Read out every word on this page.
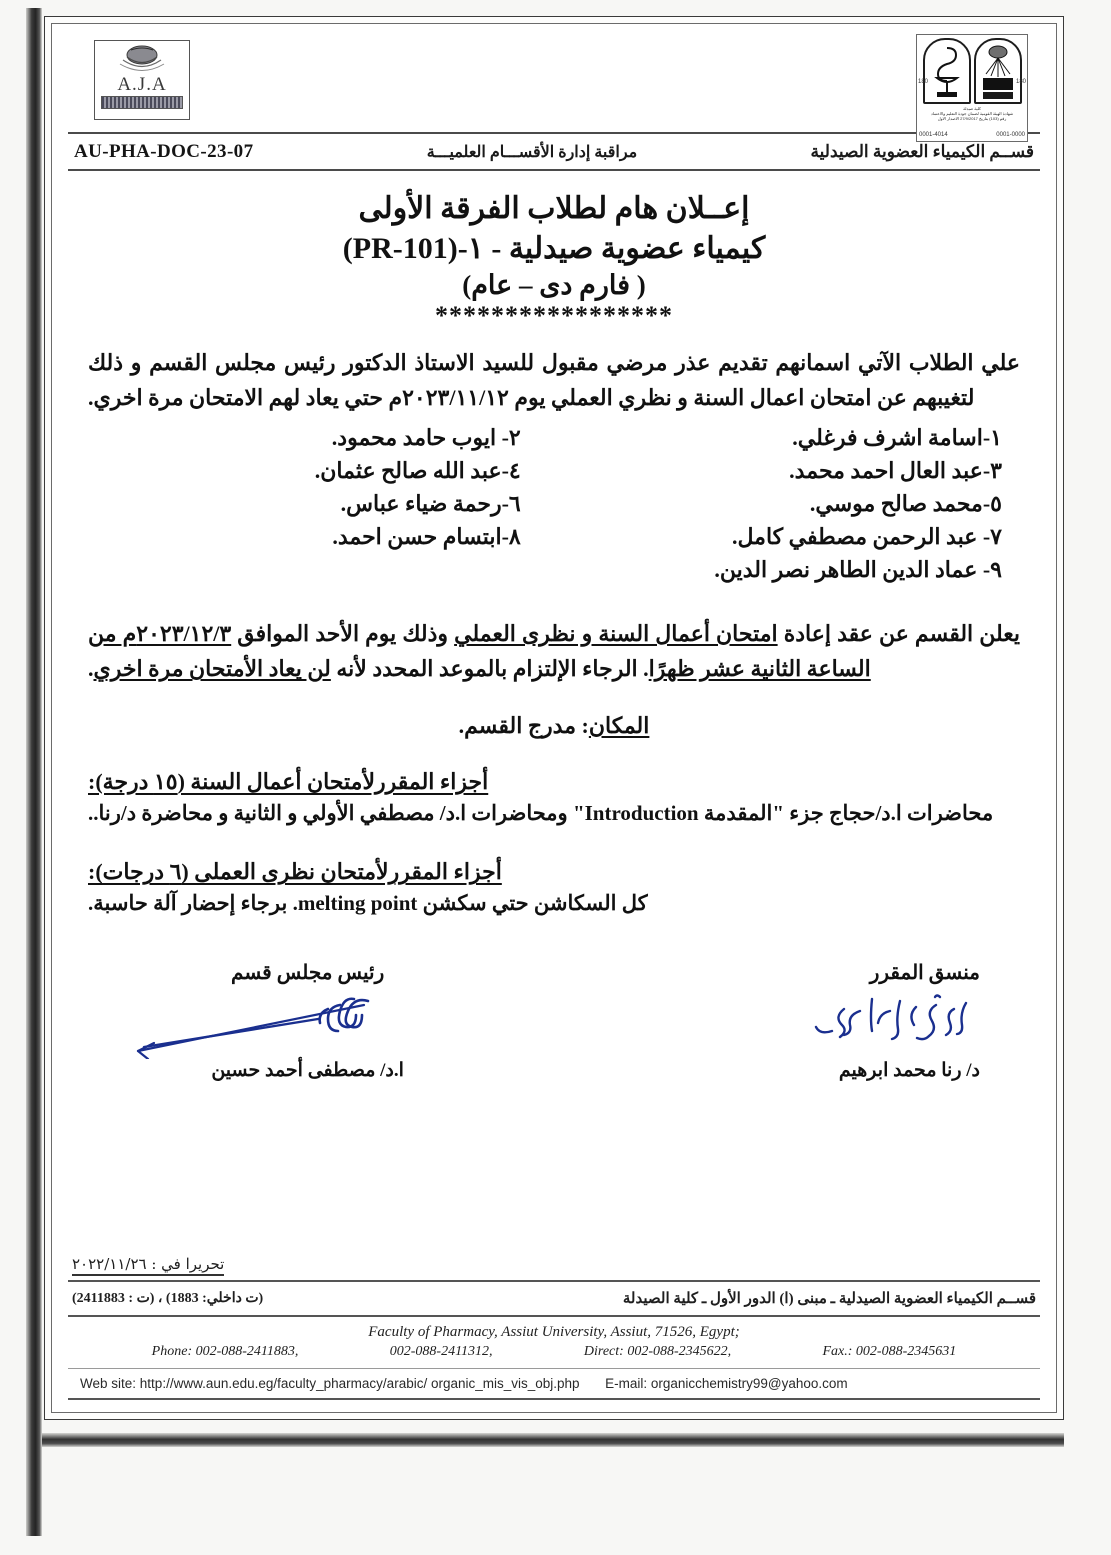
A.J.A	180	180
كلية صيدلة
شهادة الهيئة القومية لضمان جودة التعليم والاعتماد
رقم (103) بتاريخ 27/9/2017 الاصدار الاول
0001-4014	0001-0000
قســم الكيمياء العضوية الصيدلية
مراقبة إدارة الأقســـام العلميـــة
AU-PHA-DOC-23-07
إعــلان هام لطلاب الفرقة الأولى
كيمياء عضوية صيدلية - ١-(PR-101)
( فارم دى – عام)
*****************
علي الطلاب الآتي اسمانهم تقديم عذر مرضي مقبول للسيد الاستاذ الدكتور رئيس مجلس القسم و ذلك لتغيبهم عن امتحان اعمال السنة و نظري العملي يوم ٢٠٢٣/١١/١٢م حتي يعاد لهم الامتحان مرة اخري.
١-اسامة اشرف فرغلي.
٢- ايوب حامد محمود.
٣-عبد العال احمد محمد.
٤-عبد الله صالح عثمان.
٥-محمد صالح موسي.
٦-رحمة ضياء عباس.
٧- عبد الرحمن مصطفي كامل.
٨-ابتسام حسن احمد.
٩- عماد الدين الطاهر نصر الدين.
يعلن القسم عن عقد إعادة امتحان أعمال السنة و نظرى العملي وذلك يوم الأحد الموافق ٢٠٢٣/١٢/٣م من الساعة الثانية عشر ظهرًا. الرجاء الإلتزام بالموعد المحدد لأنه لن يعاد الأمتحان مرة اخري.
المكان: مدرج القسم.
أجزاء المقررلأمتحان أعمال السنة (١٥ درجة):
محاضرات ا.د/حجاج جزء "المقدمة Introduction" ومحاضرات ا.د/ مصطفي الأولي و الثانية و محاضرة د/رنا..
أجزاء المقررلأمتحان نظرى العملى (٦ درجات):
كل السكاشن حتي سكشن melting point. برجاء إحضار آلة حاسبة.
منسق المقرر
د/ رنا محمد ابرهيم
رئيس مجلس قسم
ا.د/ مصطفى أحمد حسين
تحريرا في : ٢٠٢٢/١١/٢٦
قســم الكيمياء العضوية الصيدلية ـ مبنى (ا) الدور الأول ـ كلية الصيدلة
(ت داخلي: 1883) ، (ت : 2411883)
Faculty of Pharmacy, Assiut University, Assiut, 71526, Egypt;
Phone: 002-088-2411883,	002-088-2411312,	Direct: 002-088-2345622,	Fax.: 002-088-2345631
Web site: http://www.aun.edu.eg/faculty_pharmacy/arabic/ organic_mis_vis_obj.php E-mail: organicchemistry99@yahoo.com
